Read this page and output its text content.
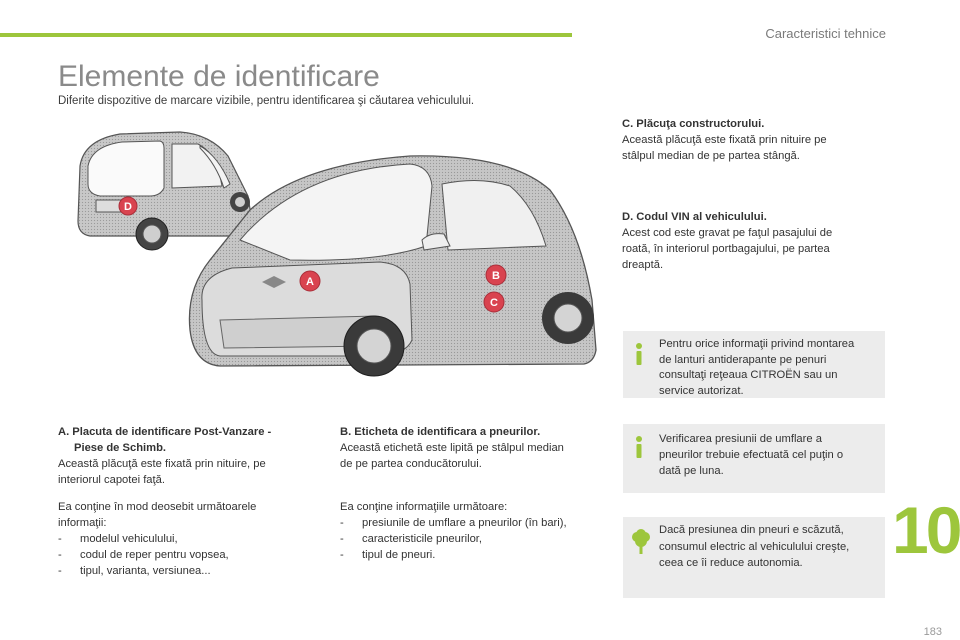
Caracteristici tehnice
Elemente de identificare
Diferite dispozitive de marcare vizibile, pentru identificarea şi căutarea vehiculului.
D
A	B
C

C. Plăcuţa constructorului.

Această plăcuţă este fixată prin nituire pe

stâlpul median de pe partea stângă.

D. Codul VIN al vehiculului.

Acest cod este gravat pe faţul pasajului de

roată, în interiorul portbagajului, pe partea

dreaptă.

A. Placuta de identificare Post-Vanzare -

Piese de Schimb.

Această plăcuţă este fixată prin nituire, pe

interiorul capotei faţă.

Ea conţine în mod deosebit următoarele

informaţii:

-	modelul vehiculului,
-	codul de reper pentru vopsea,
-	tipul, varianta, versiunea...

B. Eticheta de identificara a pneurilor.

Această etichetă este lipită pe stâlpul median

de pe partea conducătorului.

Ea conţine informaţiile următoare:

-	presiunile de umflare a pneurilor (în bari),
-	caracteristicile pneurilor,
-	tipul de pneuri.
Pentru orice informaţii privind montarea
de lanturi antiderapante pe penuri
consultaţi reţeaua CITROËN sau un
service autorizat.
Verificarea presiunii de umflare a
pneurilor trebuie efectuată cel puţin o
dată pe luna.
Dacă presiunea din pneuri e scăzută,
consumul electric al vehiculului creşte,
ceea ce îi reduce autonomia.	10
183
